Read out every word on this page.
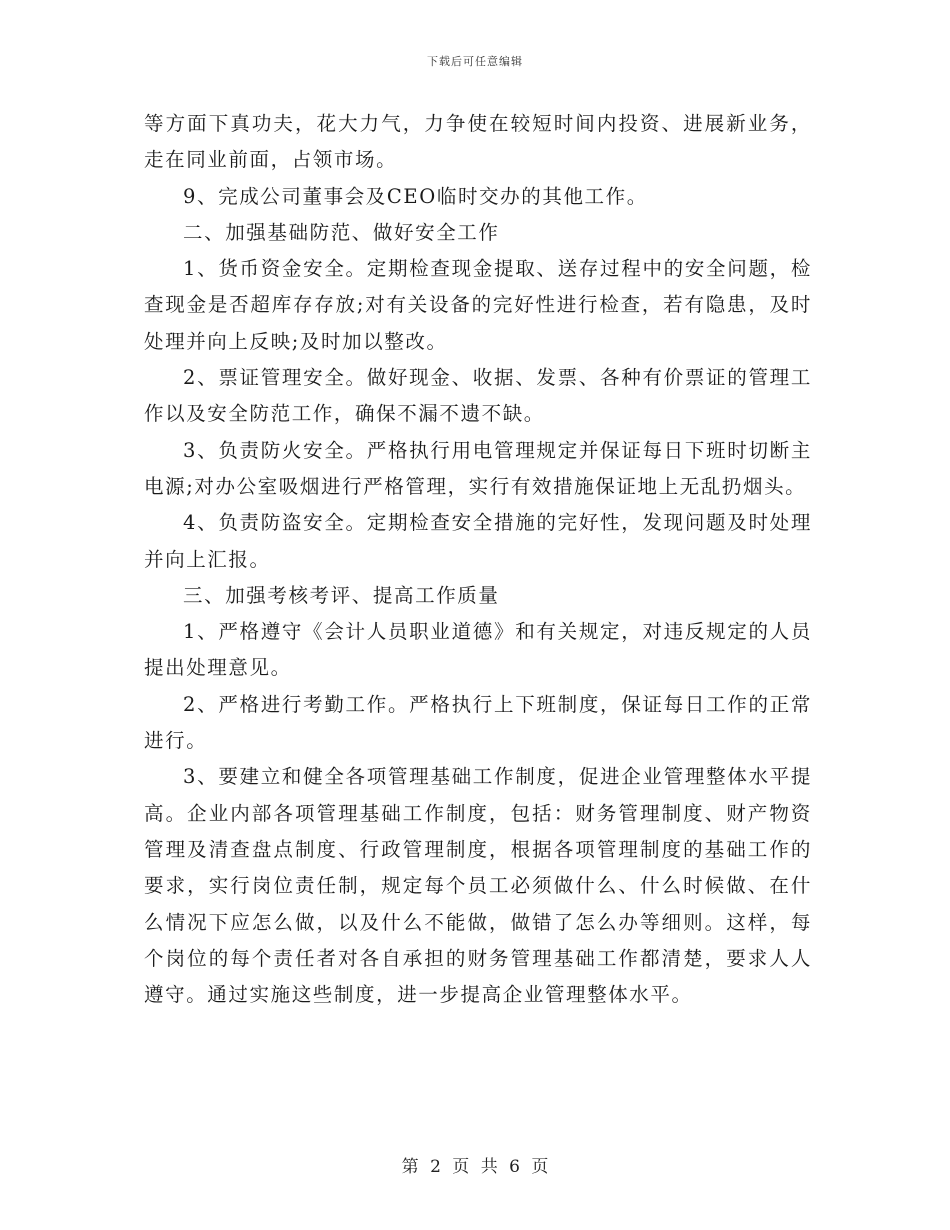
下载后可任意编辑

等方面下真功夫，花大力气，力争使在较短时间内投资、进展新业务，走在同业前面，占领市场。

9、完成公司董事会及CEO临时交办的其他工作。

二、加强基础防范、做好安全工作

1、货币资金安全。定期检查现金提取、送存过程中的安全问题，检查现金是否超库存存放;对有关设备的完好性进行检查，若有隐患，及时处理并向上反映;及时加以整改。

2、票证管理安全。做好现金、收据、发票、各种有价票证的管理工作以及安全防范工作，确保不漏不遗不缺。

3、负责防火安全。严格执行用电管理规定并保证每日下班时切断主电源;对办公室吸烟进行严格管理，实行有效措施保证地上无乱扔烟头。

4、负责防盗安全。定期检查安全措施的完好性，发现问题及时处理并向上汇报。

三、加强考核考评、提高工作质量

1、严格遵守《会计人员职业道德》和有关规定，对违反规定的人员提出处理意见。

2、严格进行考勤工作。严格执行上下班制度，保证每日工作的正常进行。

3、要建立和健全各项管理基础工作制度，促进企业管理整体水平提高。企业内部各项管理基础工作制度，包括：财务管理制度、财产物资管理及清查盘点制度、行政管理制度，根据各项管理制度的基础工作的要求，实行岗位责任制，规定每个员工必须做什么、什么时候做、在什么情况下应怎么做，以及什么不能做，做错了怎么办等细则。这样，每个岗位的每个责任者对各自承担的财务管理基础工作都清楚，要求人人遵守。通过实施这些制度，进一步提高企业管理整体水平。

第 2 页 共 6 页
